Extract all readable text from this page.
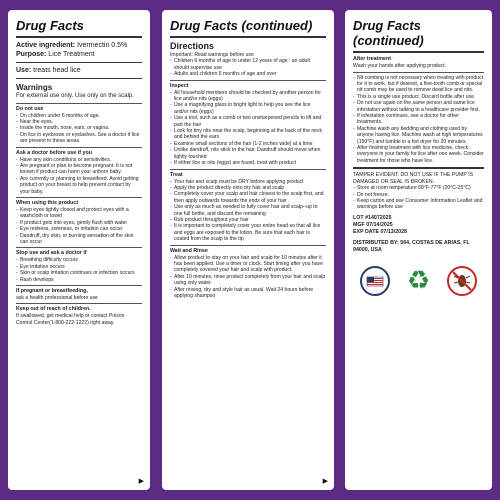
Drug Facts
Active ingredient: Ivermectin 0.5%
Purpose: Lice Treatment
Use: treats head lice
Warnings
For external use only. Use only on the scalp.
Do not use
- On children under 6 months of age.
- Near the eyes.
- Inside the mouth, nose, ears, or vagina.
- On lice in eyebrows or eyelashes. See a doctor if lice are present in these areas.
Ask a doctor before use if you
- Have any skin conditions or sensitivities.
- Are pregnant or plan to become pregnant. It is not known if product can harm your unborn baby.
- Are currently or planning to breastfeed. Avoid getting product on your breast to help prevent contact by your baby.
When using this product
- Keep eyes tightly closed and protect eyes with a washcloth or towel
- If product gets into eyes, gently flush with water
- Eye redness, soreness, or irritation can occur
- Dandruff, dry skin, or burning sensation of the skin can occur
Stop use and ask a doctor if
- Breathing difficulty occurs
- Eye irritation occurs
- Skin or scalp irritation continues or infection occurs
- Rash develops
If pregnant or breastfeeding,
ask a health professional before use
Keep out of reach of children.
If swallowed, get medical help or contact Poison Control Center(1-800-222-1222) right away.
▶
Drug Facts (continued)
Directions
Important: Read warnings before use
- Children 6 months of age to under 12 years of age : an adult should supervise use
- Adults and children 6 months of age and over
Inspect
- All household members should be checked by another person for lice and/or nits (eggs)
- Use a magnifying glass in bright light to help you see the lice and/or nits (eggs)
- Use a tool, such as a comb or two unsharpened pencils to lift and part the hair
- Look for tiny nits near the scalp, beginning at the back of the neck and behind the ears
- Examine small sections of the hair (1-2 inches wide) at a time
- Unlike dandruff, nits stick to the hair. Dandruff should move when lightly touched
- If either lice or nits (eggs) are found, treat with product
Treat
- Your hair and scalp must be DRY before applying product
- Apply the product directly onto dry hair and scalp
- Completely cover your scalp and hair closest to the scalp first, and then apply outwards towards the ends of your hair
- Use only as much as needed to fully cover hair and scalp--up to one full bottle, and discard the remaining
- Rub product throughout your hair
- It is important to completely cover your entire head so that all lice and eggs are exposed to the lotion. Be sure that each hair is coated from the scalp to the tip
Wait and Rinse
- Allow product to stay on your hair and scalp for 10 minutes after it has been applied. Use a timer or clock. Start timing after you have completely covered your hair and scalp with product.
- After 10 minutes, rinse product completely from your hair and scalp using only water.
- After rinsing, dry and style hair as usual. Wait 24 hours before applying shampoo
▶
Drug Facts (continued)
After treatment
Wash your hands after applying product.
- Nit combing is not necessary when treating with product for it to work, but if desired, a fine-tooth comb or special nit comb may be used to remove dead lice and nits.
- This is a single use product. Discard bottle after use.
- Do not use again on the same person and same lice infestation without talking to a healthcare provider first.
- If infestation continues, see a doctor for other treatments.
- Machine wash any bedding and clothing used by anyone having lice. Machine wash at high temperatures (150°F) and tumble in a hot dryer for 20 minutes.
- After finishing treatment with lice medicine, check everyone in your family for lice after one week. Consider treatment for those who have lice.
TAMPER EVIDENT: DO NOT USE IF THE PUMP IS DAMAGED OR SEAL IS BROKEN.
- Store at room temperature 68°F-77°F (20°C-25°C)
- Do not freeze.
- Keep carton and see Consumer Information Leaflet and warnings before use
LOT #14072025
MGF 07/14/2025
EXP DATE 07/13/2028
DISTRIBUTED BY: 564, COSTAS DE ARIAS, FL 94000, USA
♻
